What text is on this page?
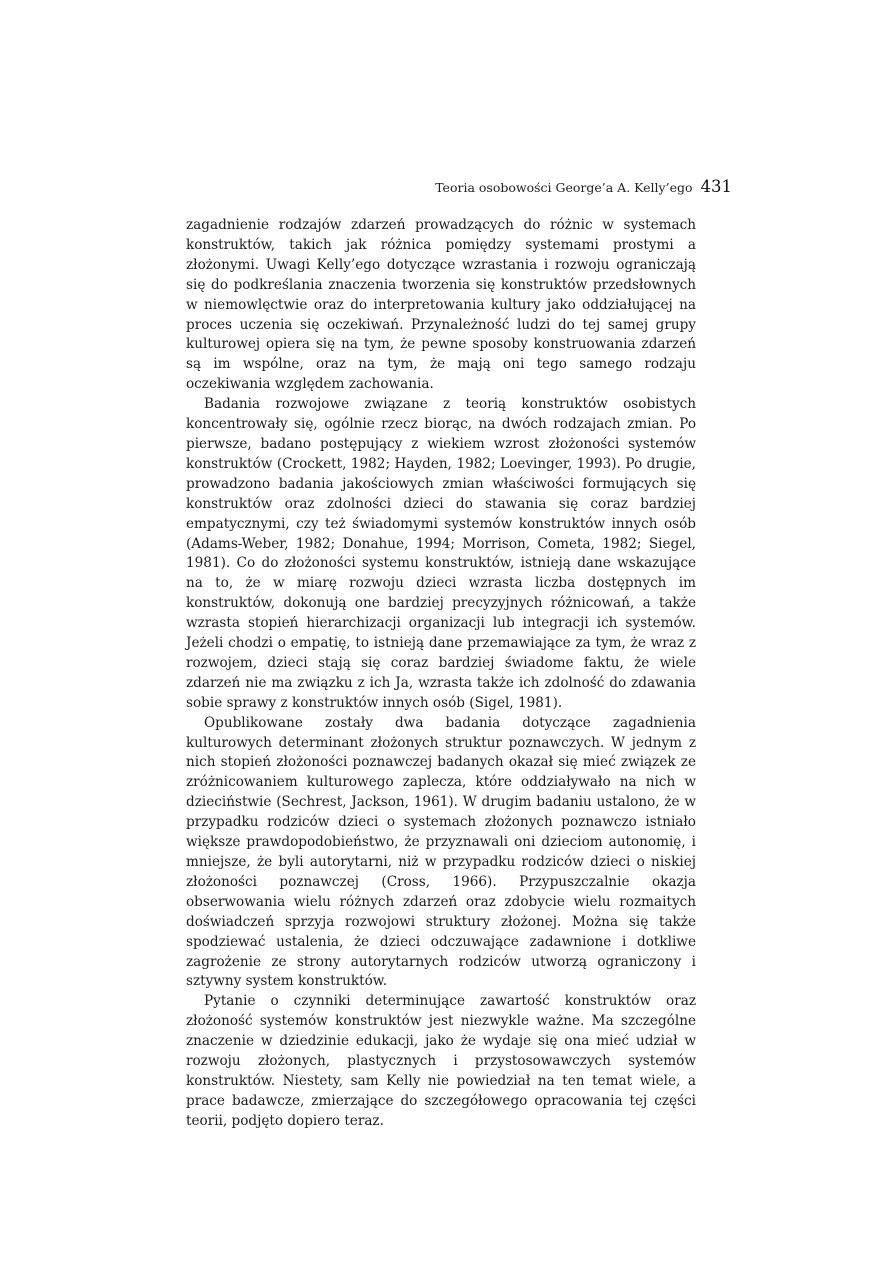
Teoria osobowości George’a A. Kelly’ego 431

zagadnienie rodzajów zdarzeń prowadzących do różnic w systemach konstruktów, takich jak różnica pomiędzy systemami prostymi a złożonymi. Uwagi Kelly’ego dotyczące wzrastania i rozwoju ograniczają się do podkreślania znaczenia tworzenia się konstruktów przedsłownych w niemowlęctwie oraz do interpretowania kultury jako oddziałującej na proces uczenia się oczekiwań. Przynależność ludzi do tej samej grupy kulturowej opiera się na tym, że pewne sposoby konstruowania zdarzeń są im wspólne, oraz na tym, że mają oni tego samego rodzaju oczekiwania względem zachowania.

Badania rozwojowe związane z teorią konstruktów osobistych koncentrowały się, ogólnie rzecz biorąc, na dwóch rodzajach zmian. Po pierwsze, badano postępujący z wiekiem wzrost złożoności systemów konstruktów (Crockett, 1982; Hayden, 1982; Loevinger, 1993). Po drugie, prowadzono badania jakościowych zmian właściwości formujących się konstruktów oraz zdolności dzieci do stawania się coraz bardziej empatycznymi, czy też świadomymi systemów konstruktów innych osób (Adams-Weber, 1982; Donahue, 1994; Morrison, Cometa, 1982; Siegel, 1981). Co do złożoności systemu konstruktów, istnieją dane wskazujące na to, że w miarę rozwoju dzieci wzrasta liczba dostępnych im konstruktów, dokonują one bardziej precyzyjnych różnicowań, a także wzrasta stopień hierarchizacji organizacji lub integracji ich systemów. Jeżeli chodzi o empatię, to istnieją dane przemawiające za tym, że wraz z rozwojem, dzieci stają się coraz bardziej świadome faktu, że wiele zdarzeń nie ma związku z ich Ja, wzrasta także ich zdolność do zdawania sobie sprawy z konstruktów innych osób (Sigel, 1981).

Opublikowane zostały dwa badania dotyczące zagadnienia kulturowych determinant złożonych struktur poznawczych. W jednym z nich stopień złożoności poznawczej badanych okazał się mieć związek ze zróżnicowaniem kulturowego zaplecza, które oddziaływało na nich w dzieciństwie (Sechrest, Jackson, 1961). W drugim badaniu ustalono, że w przypadku rodziców dzieci o systemach złożonych poznawczo istniało większe prawdopodobieństwo, że przyznawali oni dzieciom autonomię, i mniejsze, że byli autorytarni, niż w przypadku rodziców dzieci o niskiej złożoności poznawczej (Cross, 1966). Przypuszczalnie okazja obserwowania wielu różnych zdarzeń oraz zdobycie wielu rozmaitych doświadczeń sprzyja rozwojowi struktury złożonej. Można się także spodziewać ustalenia, że dzieci odczuwające zadawnione i dotkliwe zagrożenie ze strony autorytarnych rodziców utworzą ograniczony i sztywny system konstruktów.

Pytanie o czynniki determinujące zawartość konstruktów oraz złożoność systemów konstruktów jest niezwykle ważne. Ma szczególne znaczenie w dziedzinie edukacji, jako że wydaje się ona mieć udział w rozwoju złożonych, plastycznych i przystosowawczych systemów konstruktów. Niestety, sam Kelly nie powiedział na ten temat wiele, a prace badawcze, zmierzające do szczegółowego opracowania tej części teorii, podjęto dopiero teraz.
